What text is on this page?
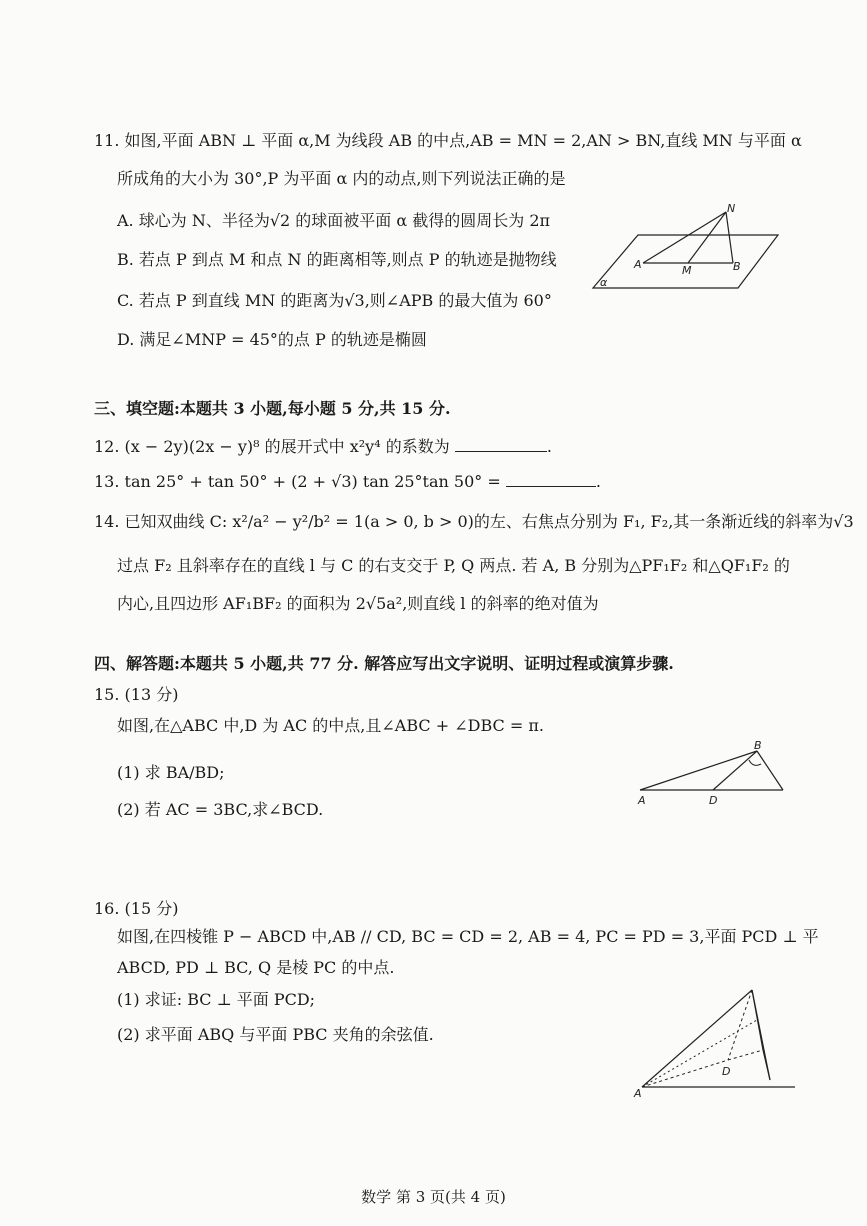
11. 如图,平面 ABN ⊥ 平面 α,M 为线段 AB 的中点,AB = MN = 2,AN > BN,直线 MN 与平面 α
所成角的大小为 30°,P 为平面 α 内的动点,则下列说法正确的是
A. 球心为 N、半径为√2 的球面被平面 α 截得的圆周长为 2π
B. 若点 P 到点 M 和点 N 的距离相等,则点 P 的轨迹是抛物线
C. 若点 P 到直线 MN 的距离为√3,则∠APB 的最大值为 60°
D. 满足∠MNP = 45°的点 P 的轨迹是椭圆
N
A	M	B
α
三、填空题:本题共 3 小题,每小题 5 分,共 15 分.
12. (x − 2y)(2x − y)⁸ 的展开式中 x²y⁴ 的系数为	.
13. tan 25° + tan 50° + (2 + √3) tan 25°tan 50° =	.
14. 已知双曲线 C: x²/a² − y²/b² = 1(a > 0, b > 0)的左、右焦点分别为 F₁, F₂,其一条渐近线的斜率为√3
过点 F₂ 且斜率存在的直线 l 与 C 的右支交于 P, Q 两点. 若 A, B 分别为△PF₁F₂ 和△QF₁F₂ 的
内心,且四边形 AF₁BF₂ 的面积为 2√5a²,则直线 l 的斜率的绝对值为
四、解答题:本题共 5 小题,共 77 分. 解答应写出文字说明、证明过程或演算步骤.
15. (13 分)
如图,在△ABC 中,D 为 AC 的中点,且∠ABC + ∠DBC = π.
(1) 求 BA/BD;
(2) 若 AC = 3BC,求∠BCD.
B
A	D
16. (15 分)
如图,在四棱锥 P − ABCD 中,AB // CD, BC = CD = 2, AB = 4, PC = PD = 3,平面 PCD ⊥ 平
ABCD, PD ⊥ BC, Q 是棱 PC 的中点.
(1) 求证: BC ⊥ 平面 PCD;
(2) 求平面 ABQ 与平面 PBC 夹角的余弦值.
A
D
数学 第 3 页(共 4 页)
